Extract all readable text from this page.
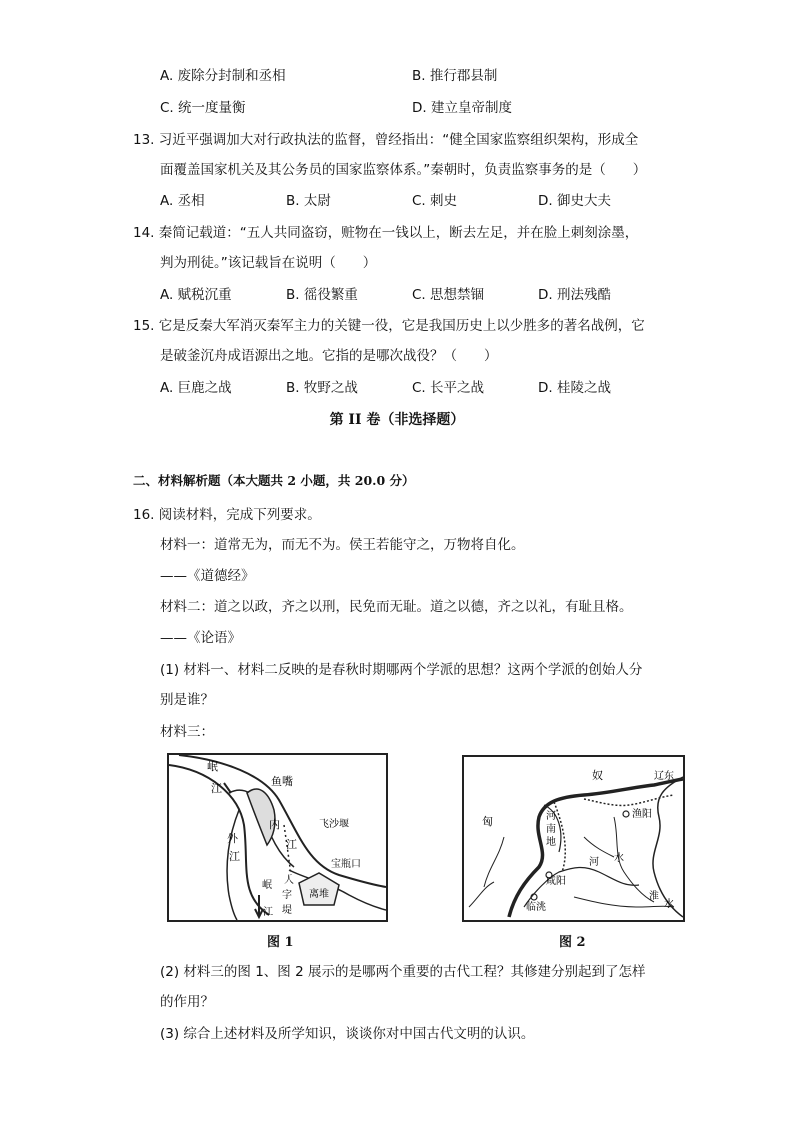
A. 废除分封制和丞相	B. 推行郡县制
C. 统一度量衡	D. 建立皇帝制度
13. 习近平强调加大对行政执法的监督，曾经指出：“健全国家监察组织架构，形成全
面覆盖国家机关及其公务员的国家监察体系。”秦朝时，负责监察事务的是（　　）
A. 丞相	B. 太尉	C. 刺史	D. 御史大夫
14. 秦简记载道：“五人共同盗窃，赃物在一钱以上，断去左足，并在脸上刺刻涂墨，
判为刑徒。”该记载旨在说明（　　）
A. 赋税沉重	B. 徭役繁重	C. 思想禁锢	D. 刑法残酷
15. 它是反秦大军消灭秦军主力的关键一役，它是我国历史上以少胜多的著名战例，它
是破釜沉舟成语源出之地。它指的是哪次战役？（　　）
A. 巨鹿之战	B. 牧野之战	C. 长平之战	D. 桂陵之战
第 II 卷（非选择题）
二、材料解析题（本大题共 2 小题，共 20.0 分）
16. 阅读材料，完成下列要求。
材料一：道常无为，而无不为。侯王若能守之，万物将自化。
——《道德经》
材料二：道之以政，齐之以刑，民免而无耻。道之以德，齐之以礼，有耻且格。
——《论语》
(1) 材料一、材料二反映的是春秋时期哪两个学派的思想？这两个学派的创始人分
别是谁？
材料三：
岷
江
鱼嘴
内
江
外
江
飞沙堰
宝瓶口
人
字
堤
离堆
岷
江
图 1
奴
匈	河
南
地
渔阳
辽东
咸阳
临洮
河 水
淮
水
图 2
(2) 材料三的图 1、图 2 展示的是哪两个重要的古代工程？其修建分别起到了怎样
的作用？
(3) 综合上述材料及所学知识，谈谈你对中国古代文明的认识。
